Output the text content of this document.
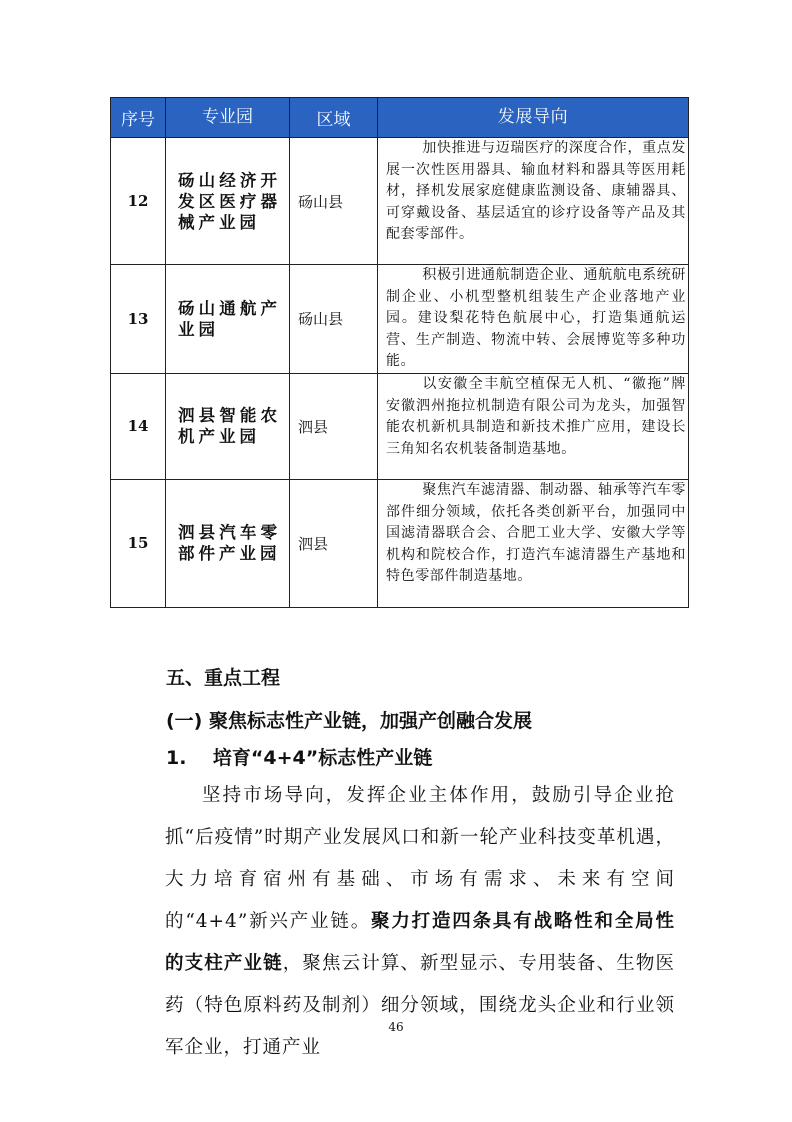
序号	专业园	区域	发展导向
12	砀山经济开发区医疗器械产业园	砀山县	加快推进与迈瑞医疗的深度合作，重点发展一次性医用器具、输血材料和器具等医用耗材，择机发展家庭健康监测设备、康辅器具、可穿戴设备、基层适宜的诊疗设备等产品及其配套零部件。
13	砀山通航产业园	砀山县	积极引进通航制造企业、通航航电系统研制企业、小机型整机组装生产企业落地产业园。建设梨花特色航展中心，打造集通航运营、生产制造、物流中转、会展博览等多种功能。
14	泗县智能农机产业园	泗县	以安徽全丰航空植保无人机、“徽拖”牌安徽泗州拖拉机制造有限公司为龙头，加强智能农机新机具制造和新技术推广应用，建设长三角知名农机装备制造基地。
15	泗县汽车零部件产业园	泗县	聚焦汽车滤清器、制动器、轴承等汽车零部件细分领域，依托各类创新平台，加强同中国滤清器联合会、合肥工业大学、安徽大学等机构和院校合作，打造汽车滤清器生产基地和特色零部件制造基地。
五、重点工程
(一) 聚焦标志性产业链，加强产创融合发展
1.    培育“4+4”标志性产业链

坚持市场导向，发挥企业主体作用，鼓励引导企业抢抓“后疫情”时期产业发展风口和新一轮产业科技变革机遇，大力培育宿州有基础、市场有需求、未来有空间的“4+4”新兴产业链。聚力打造四条具有战略性和全局性的支柱产业链，聚焦云计算、新型显示、专用装备、生物医药（特色原料药及制剂）细分领域，围绕龙头企业和行业领军企业，打通产业

46
